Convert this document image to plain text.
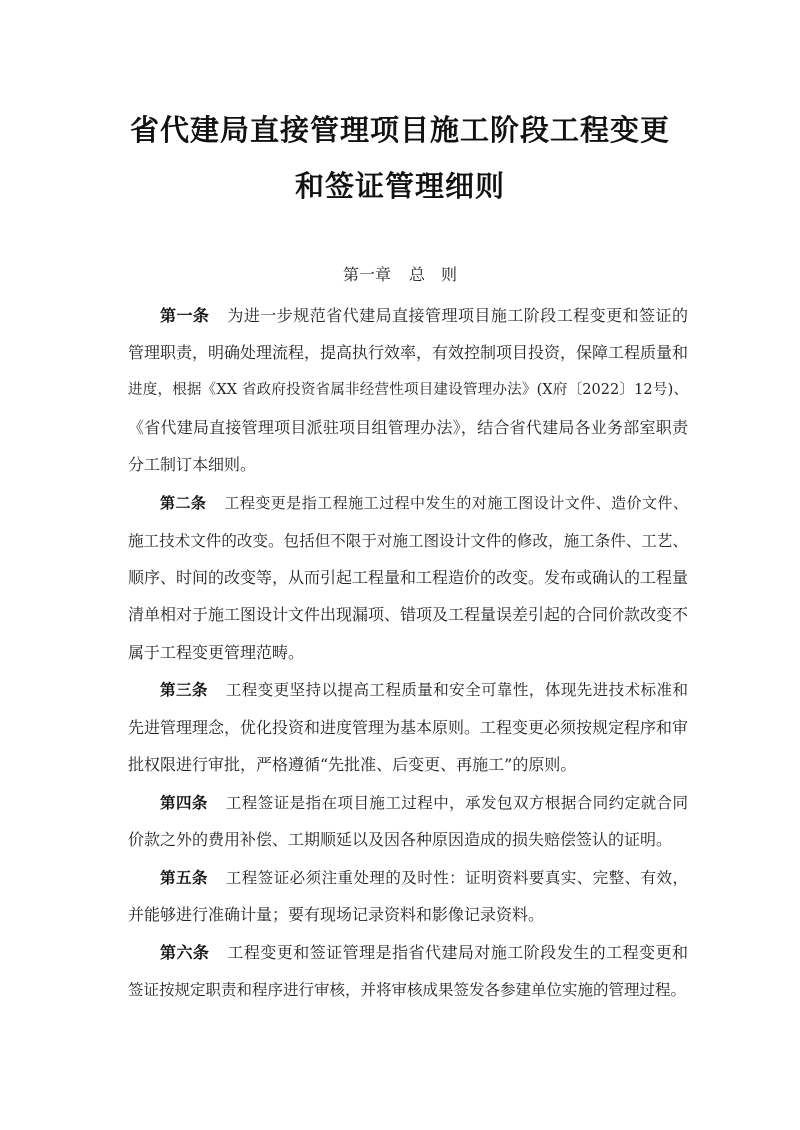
省代建局直接管理项目施工阶段工程变更
和签证管理细则
第一章 总 则
第一条 为进一步规范省代建局直接管理项目施工阶段工程变更和签证的
管理职责，明确处理流程，提高执行效率，有效控制项目投资，保障工程质量和
进度，根据《XX 省政府投资省属非经营性项目建设管理办法》(X府〔2022〕12号)、
《省代建局直接管理项目派驻项目组管理办法》，结合省代建局各业务部室职责
分工制订本细则。
第二条 工程变更是指工程施工过程中发生的对施工图设计文件、造价文件、
施工技术文件的改变。包括但不限于对施工图设计文件的修改，施工条件、工艺、
顺序、时间的改变等，从而引起工程量和工程造价的改变。发布或确认的工程量
清单相对于施工图设计文件出现漏项、错项及工程量误差引起的合同价款改变不
属于工程变更管理范畴。
第三条 工程变更坚持以提高工程质量和安全可靠性，体现先进技术标准和
先进管理理念，优化投资和进度管理为基本原则。工程变更必须按规定程序和审
批权限进行审批，严格遵循“先批准、后变更、再施工”的原则。
第四条 工程签证是指在项目施工过程中，承发包双方根据合同约定就合同
价款之外的费用补偿、工期顺延以及因各种原因造成的损失赔偿签认的证明。
第五条 工程签证必须注重处理的及时性：证明资料要真实、完整、有效，
并能够进行准确计量；要有现场记录资料和影像记录资料。
第六条 工程变更和签证管理是指省代建局对施工阶段发生的工程变更和
签证按规定职责和程序进行审核，并将审核成果签发各参建单位实施的管理过程。
